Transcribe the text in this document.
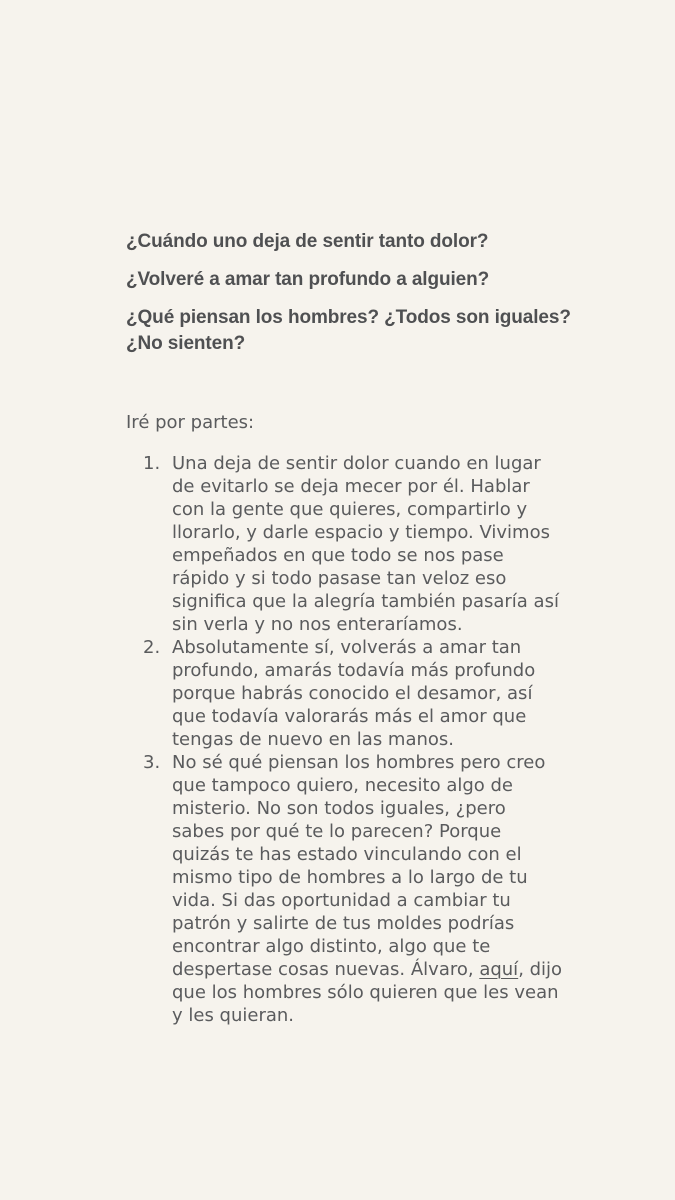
¿Cuándo uno deja de sentir tanto dolor?
¿Volveré a amar tan profundo a alguien?
¿Qué piensan los hombres? ¿Todos son iguales? ¿No sienten?
Iré por partes:
1. Una deja de sentir dolor cuando en lugar de evitarlo se deja mecer por él. Hablar con la gente que quieres, compartirlo y llorarlo, y darle espacio y tiempo. Vivimos empeñados en que todo se nos pase rápido y si todo pasase tan veloz eso significa que la alegría también pasaría así sin verla y no nos enteraríamos.
2. Absolutamente sí, volverás a amar tan profundo, amarás todavía más profundo porque habrás conocido el desamor, así que todavía valorarás más el amor que tengas de nuevo en las manos.
3. No sé qué piensan los hombres pero creo que tampoco quiero, necesito algo de misterio. No son todos iguales, ¿pero sabes por qué te lo parecen? Porque quizás te has estado vinculando con el mismo tipo de hombres a lo largo de tu vida. Si das oportunidad a cambiar tu patrón y salirte de tus moldes podrías encontrar algo distinto, algo que te despertase cosas nuevas. Álvaro, aquí, dijo que los hombres sólo quieren que les vean y les quieran.
